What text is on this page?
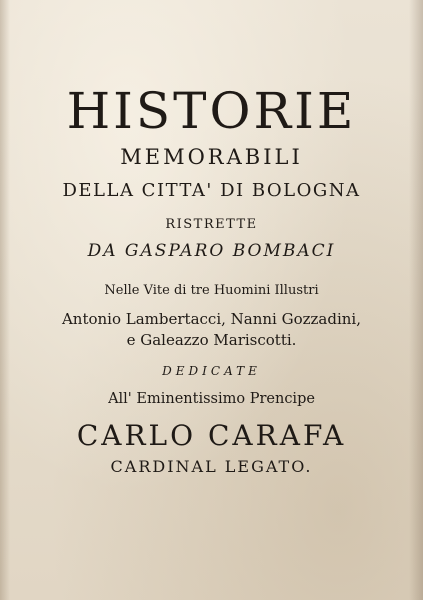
HISTORIE
MEMORABILI
DELLA CITTA' DI BOLOGNA
RISTRETTE
DA GASPARO BOMBACI
Nelle Vite di tre Huomini Illustri
Antonio Lambertacci, Nanni Gozzadini,
e Galeazzo Mariscotti.
DEDICATE
All' Eminentissimo Prencipe
CARLO CARAFA
CARDINAL LEGATO.
